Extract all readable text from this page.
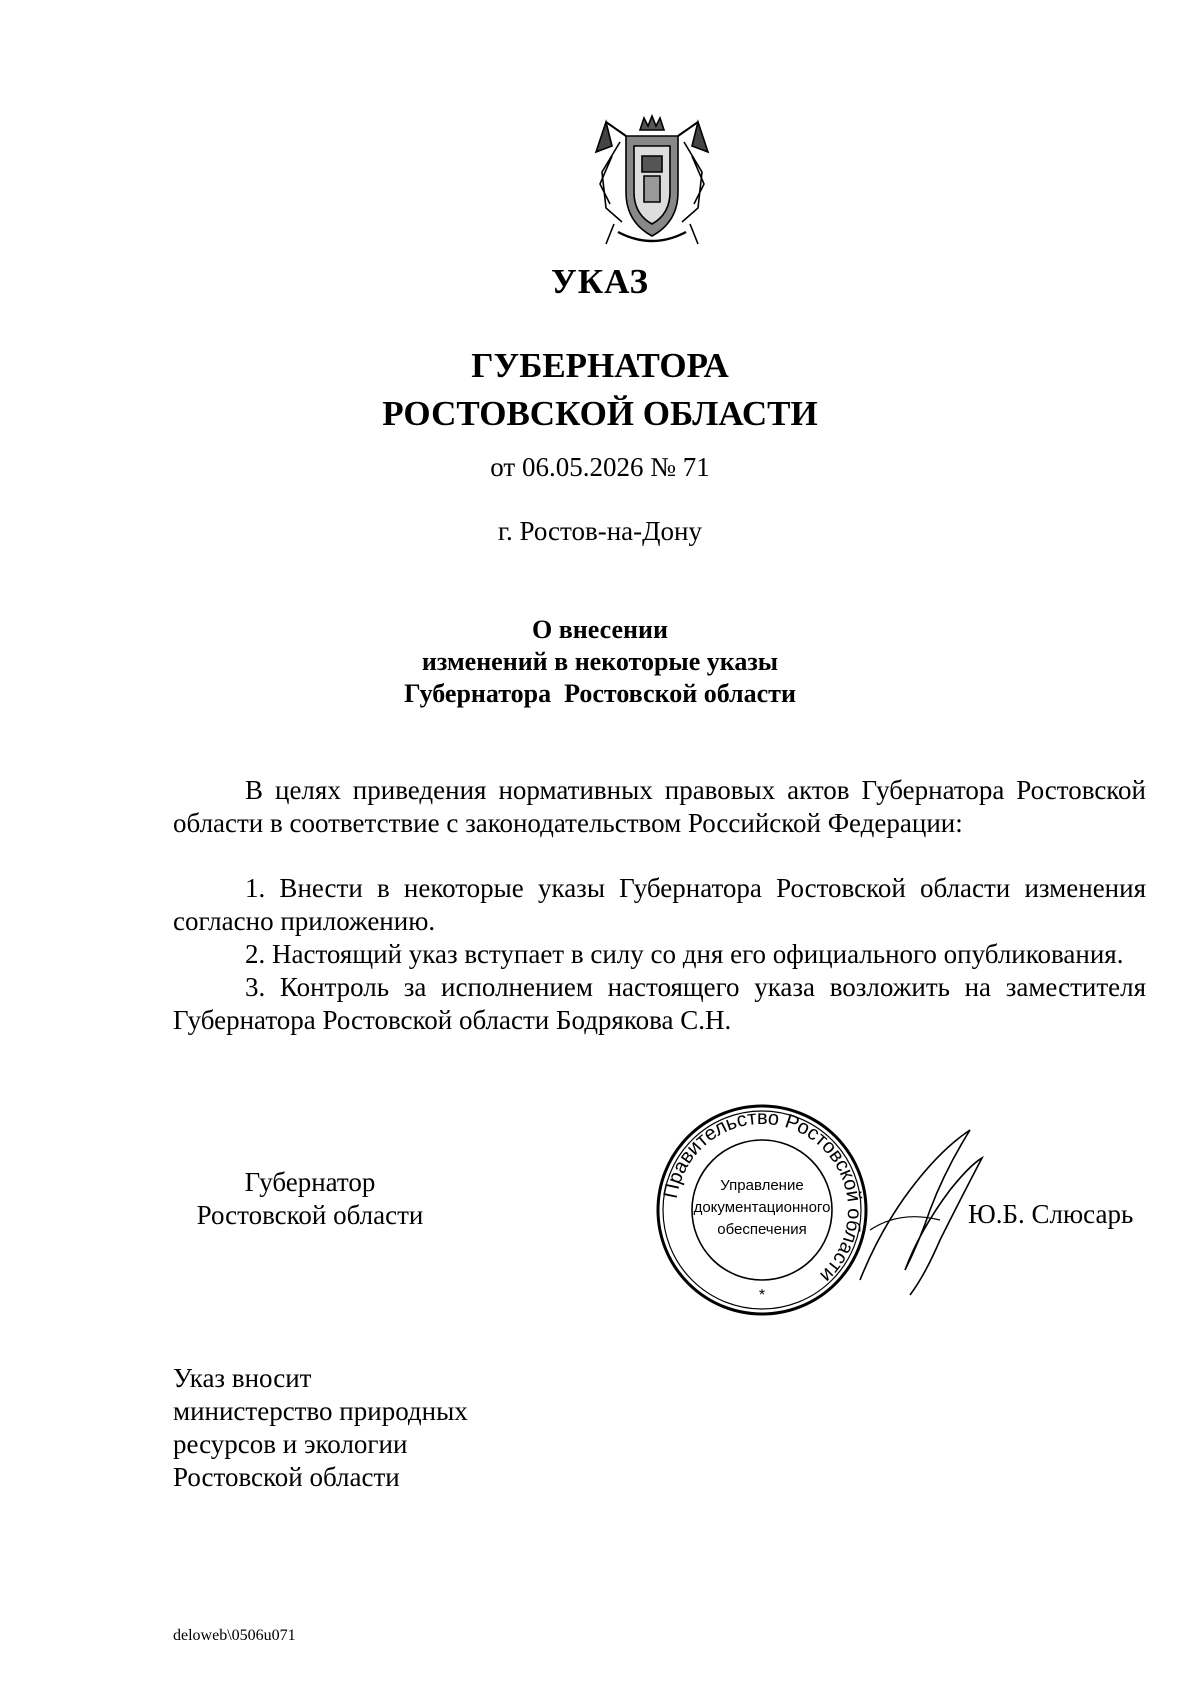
УКАЗ
ГУБЕРНАТОРА
РОСТОВСКОЙ ОБЛАСТИ
от 06.05.2026 № 71
г. Ростов-на-Дону
О внесении
изменений в некоторые указы
Губернатора  Ростовской области

В целях приведения нормативных правовых актов Губернатора Ростовской области в соответствие с законодательством Российской Федерации:

1. Внести в некоторые указы Губернатора Ростовской области изменения согласно приложению.

2. Настоящий указ вступает в силу со дня его официального опубликования.

3. Контроль за исполнением настоящего указа возложить на заместителя Губернатора Ростовской области Бодрякова С.Н.

Губернатор
Ростовской области
Правительство Ростовской области
Управление
документационного
обеспечения
*
Ю.Б. Слюсарь
Указ вносит
министерство природных
ресурсов и экологии
Ростовской области
deloweb\0506u071
